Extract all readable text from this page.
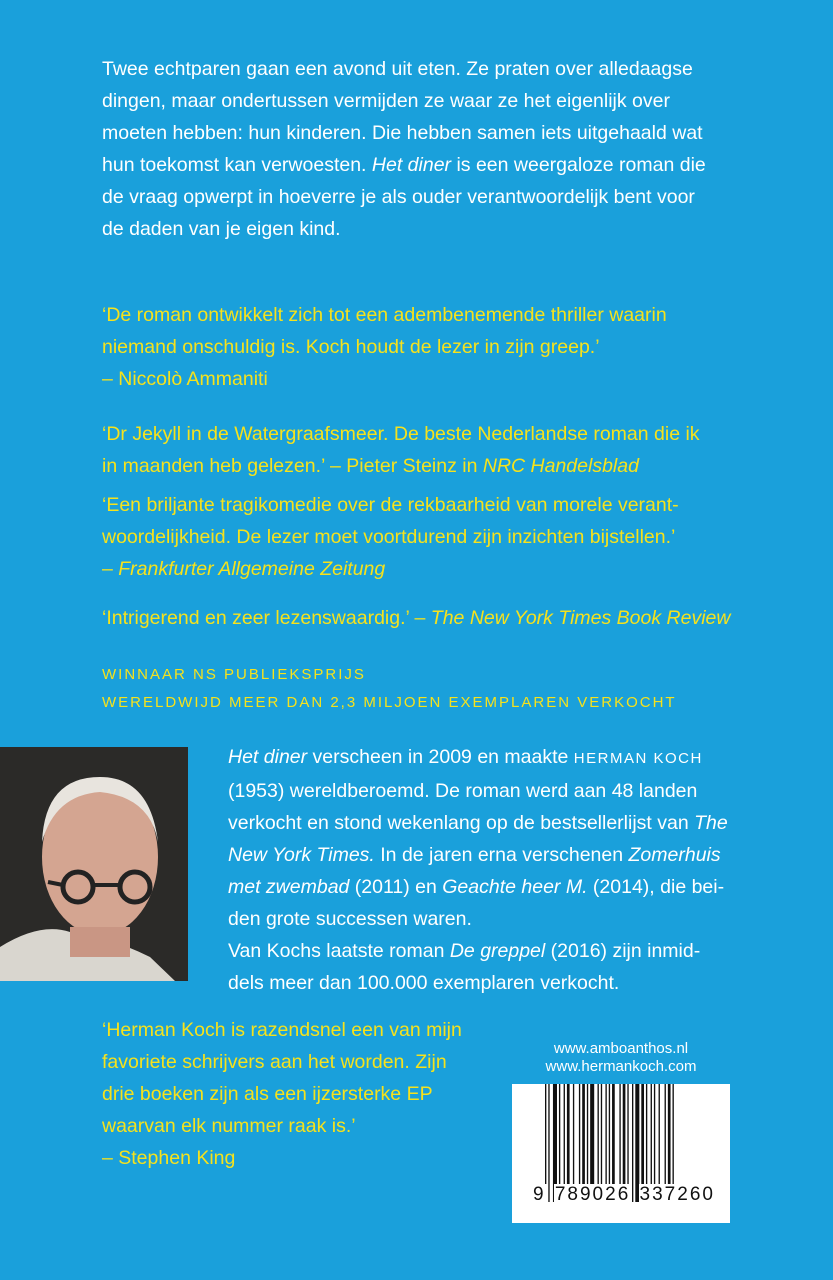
Twee echtparen gaan een avond uit eten. Ze praten over alledaagse
dingen, maar ondertussen vermijden ze waar ze het eigenlijk over
moeten hebben: hun kinderen. Die hebben samen iets uitgehaald wat
hun toekomst kan verwoesten. Het diner is een weergaloze roman die
de vraag opwerpt in hoeverre je als ouder verantwoordelijk bent voor
de daden van je eigen kind.
‘De roman ontwikkelt zich tot een adembenemende thriller waarin
niemand onschuldig is. Koch houdt de lezer in zijn greep.’
– Niccolò Ammaniti
‘Dr Jekyll in de Watergraafsmeer. De beste Nederlandse roman die ik
in maanden heb gelezen.’ – Pieter Steinz in NRC Handelsblad
‘Een briljante tragikomedie over de rekbaarheid van morele verant-
woordelijkheid. De lezer moet voortdurend zijn inzichten bijstellen.’
– Frankfurter Allgemeine Zeitung
‘Intrigerend en zeer lezenswaardig.’ – The New York Times Book Review
WINNAAR NS PUBLIEKSPRIJS
WERELDWIJD MEER DAN 2,3 MILJOEN EXEMPLAREN VERKOCHT
Het diner verscheen in 2009 en maakte HERMAN KOCH
(1953) wereldberoemd. De roman werd aan 48 landen
verkocht en stond wekenlang op de bestsellerlijst van The
New York Times. In de jaren erna verschenen Zomerhuis
met zwembad (2011) en Geachte heer M. (2014), die bei-
den grote successen waren.
Van Kochs laatste roman De greppel (2016) zijn inmid-
dels meer dan 100.000 exemplaren verkocht.
‘Herman Koch is razendsnel een van mijn
favoriete schrijvers aan het worden. Zijn
drie boeken zijn als een ijzersterke EP
waarvan elk nummer raak is.’
– Stephen King
www.amboanthos.nl
www.hermankoch.com
9 789026 337260
